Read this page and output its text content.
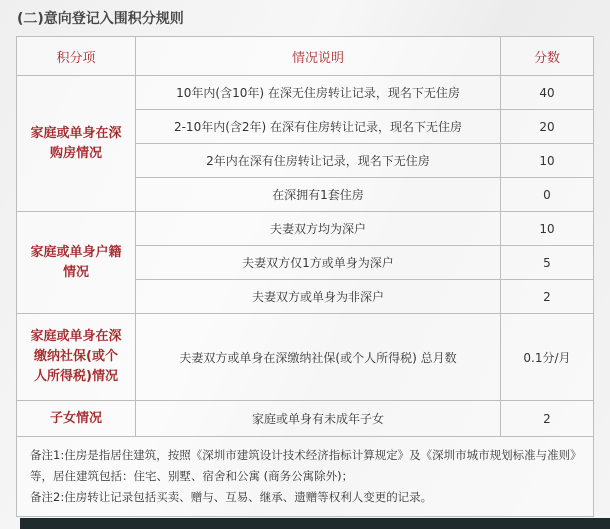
(二)意向登记入围积分规则
积分项	情况说明	分数
家庭或单身在深购房情况	10年内(含10年) 在深无住房转让记录，现名下无住房	40
	2-10年内(含2年) 在深有住房转让记录，现名下无住房	20
	2年内在深有住房转让记录，现名下无住房	10
	在深拥有1套住房	0
家庭或单身户籍情况	夫妻双方均为深户	10
	夫妻双方仅1方或单身为深户	5
	夫妻双方或单身为非深户	2
家庭或单身在深缴纳社保(或个人所得税)情况	夫妻双方或单身在深缴纳社保(或个人所得税) 总月数	0.1分/月
子女情况	家庭或单身有未成年子女	2

备注1:住房是指居住建筑，按照《深圳市建筑设计技术经济指标计算规定》及《深圳市城市规划标准与准则》等，居住建筑包括：住宅、别墅、宿舍和公寓 (商务公寓除外)；
备注2:住房转让记录包括买卖、赠与、互易、继承、遗赠等权利人变更的记录。		
